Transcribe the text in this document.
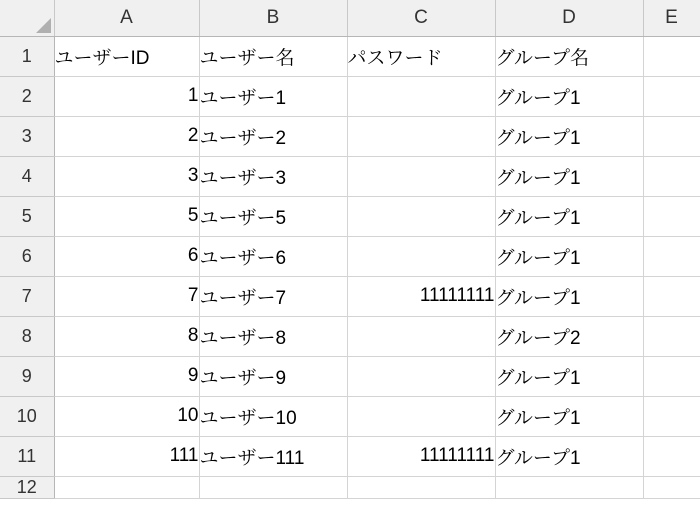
	A	B	C	D	E
1	ユーザーID	ユーザー名	パスワード	グループ名	
2	1	ユーザー1		グループ1	
3	2	ユーザー2		グループ1	
4	3	ユーザー3		グループ1	
5	5	ユーザー5		グループ1	
6	6	ユーザー6		グループ1	
7	7	ユーザー7	11111111	グループ1	
8	8	ユーザー8		グループ2	
9	9	ユーザー9		グループ1	
10	10	ユーザー10		グループ1	
11	111	ユーザー111	11111111	グループ1	
12					
